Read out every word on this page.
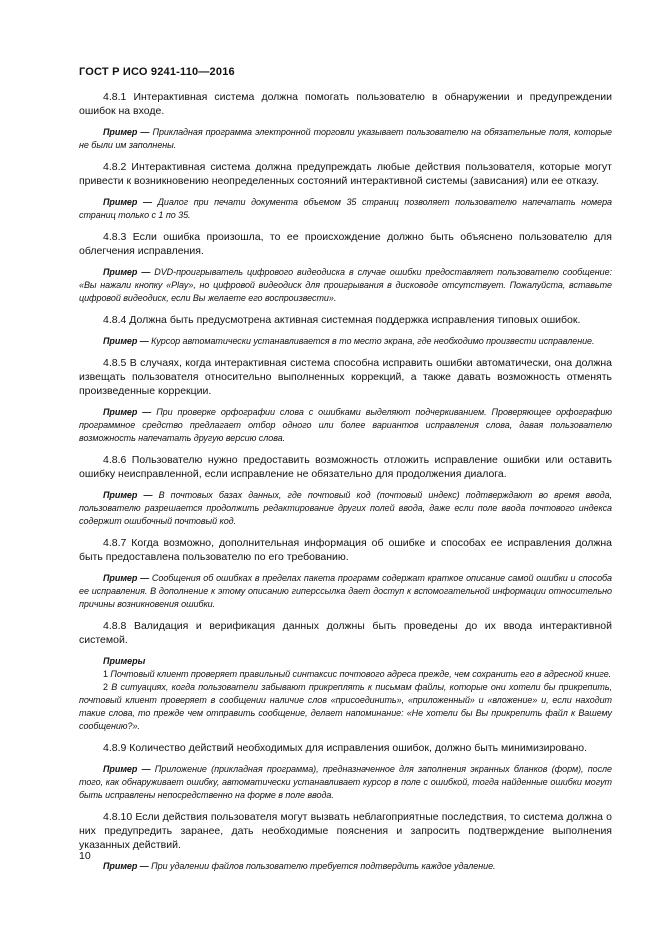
ГОСТ Р ИСО 9241-110—2016

4.8.1 Интерактивная система должна помогать пользователю в обнаружении и предупреждении ошибок на входе.

Пример — Прикладная программа электронной торговли указывает пользователю на обязательные поля, которые не были им заполнены.

4.8.2 Интерактивная система должна предупреждать любые действия пользователя, которые могут привести к возникновению неопределенных состояний интерактивной системы (зависания) или ее отказу.

Пример — Диалог при печати документа объемом 35 страниц позволяет пользователю напечатать номера страниц только с 1 по 35.

4.8.3 Если ошибка произошла, то ее происхождение должно быть объяснено пользователю для облегчения исправления.

Пример — DVD-проигрыватель цифрового видеодиска в случае ошибки предоставляет пользователю сообщение: «Вы нажали кнопку «Play», но цифровой видеодиск для проигрывания в дисководе отсутствует. Пожалуйста, вставьте цифровой видеодиск, если Вы желаете его воспроизвести».

4.8.4 Должна быть предусмотрена активная системная поддержка исправления типовых ошибок.

Пример — Курсор автоматически устанавливается в то место экрана, где необходимо произвести исправление.

4.8.5 В случаях, когда интерактивная система способна исправить ошибки автоматически, она должна извещать пользователя относительно выполненных коррекций, а также давать возможность отменять произведенные коррекции.

Пример — При проверке орфографии слова с ошибками выделяют подчеркиванием. Проверяющее орфографию программное средство предлагает отбор одного или более вариантов исправления слова, давая пользователю возможность напечатать другую версию слова.

4.8.6 Пользователю нужно предоставить возможность отложить исправление ошибки или оставить ошибку неисправленной, если исправление не обязательно для продолжения диалога.

Пример — В почтовых базах данных, где почтовый код (почтовый индекс) подтверждают во время ввода, пользователю разрешается продолжить редактирование других полей ввода, даже если поле ввода почтового индекса содержит ошибочный почтовый код.

4.8.7 Когда возможно, дополнительная информация об ошибке и способах ее исправления должна быть предоставлена пользователю по его требованию.

Пример — Сообщения об ошибках в пределах пакета программ содержат краткое описание самой ошибки и способа ее исправления. В дополнение к этому описанию гиперссылка дает доступ к вспомогательной информации относительно причины возникновения ошибки.

4.8.8 Валидация и верификация данных должны быть проведены до их ввода интерактивной системой.

Примеры

1 Почтовый клиент проверяет правильный синтаксис почтового адреса прежде, чем сохранить его в адресной книге.

2 В ситуациях, когда пользователи забывают прикреплять к письмам файлы, которые они хотели бы прикрепить, почтовый клиент проверяет в сообщении наличие слов «присоединить», «приложенный» и «вложение» и, если находит такие слова, то прежде чем отправить сообщение, делает напоминание: «Не хотели бы Вы прикрепить файл к Вашему сообщению?».

4.8.9 Количество действий необходимых для исправления ошибок, должно быть минимизировано.

Пример — Приложение (прикладная программа), предназначенное для заполнения экранных бланков (форм), после того, как обнаруживает ошибку, автоматически устанавливает курсор в поле с ошибкой, тогда найденные ошибки могут быть исправлены непосредственно на форме в поле ввода.

4.8.10 Если действия пользователя могут вызвать неблагоприятные последствия, то система должна о них предупредить заранее, дать необходимые пояснения и запросить подтверждение выполнения указанных действий.

Пример — При удалении файлов пользователю требуется подтвердить каждое удаление.

10
